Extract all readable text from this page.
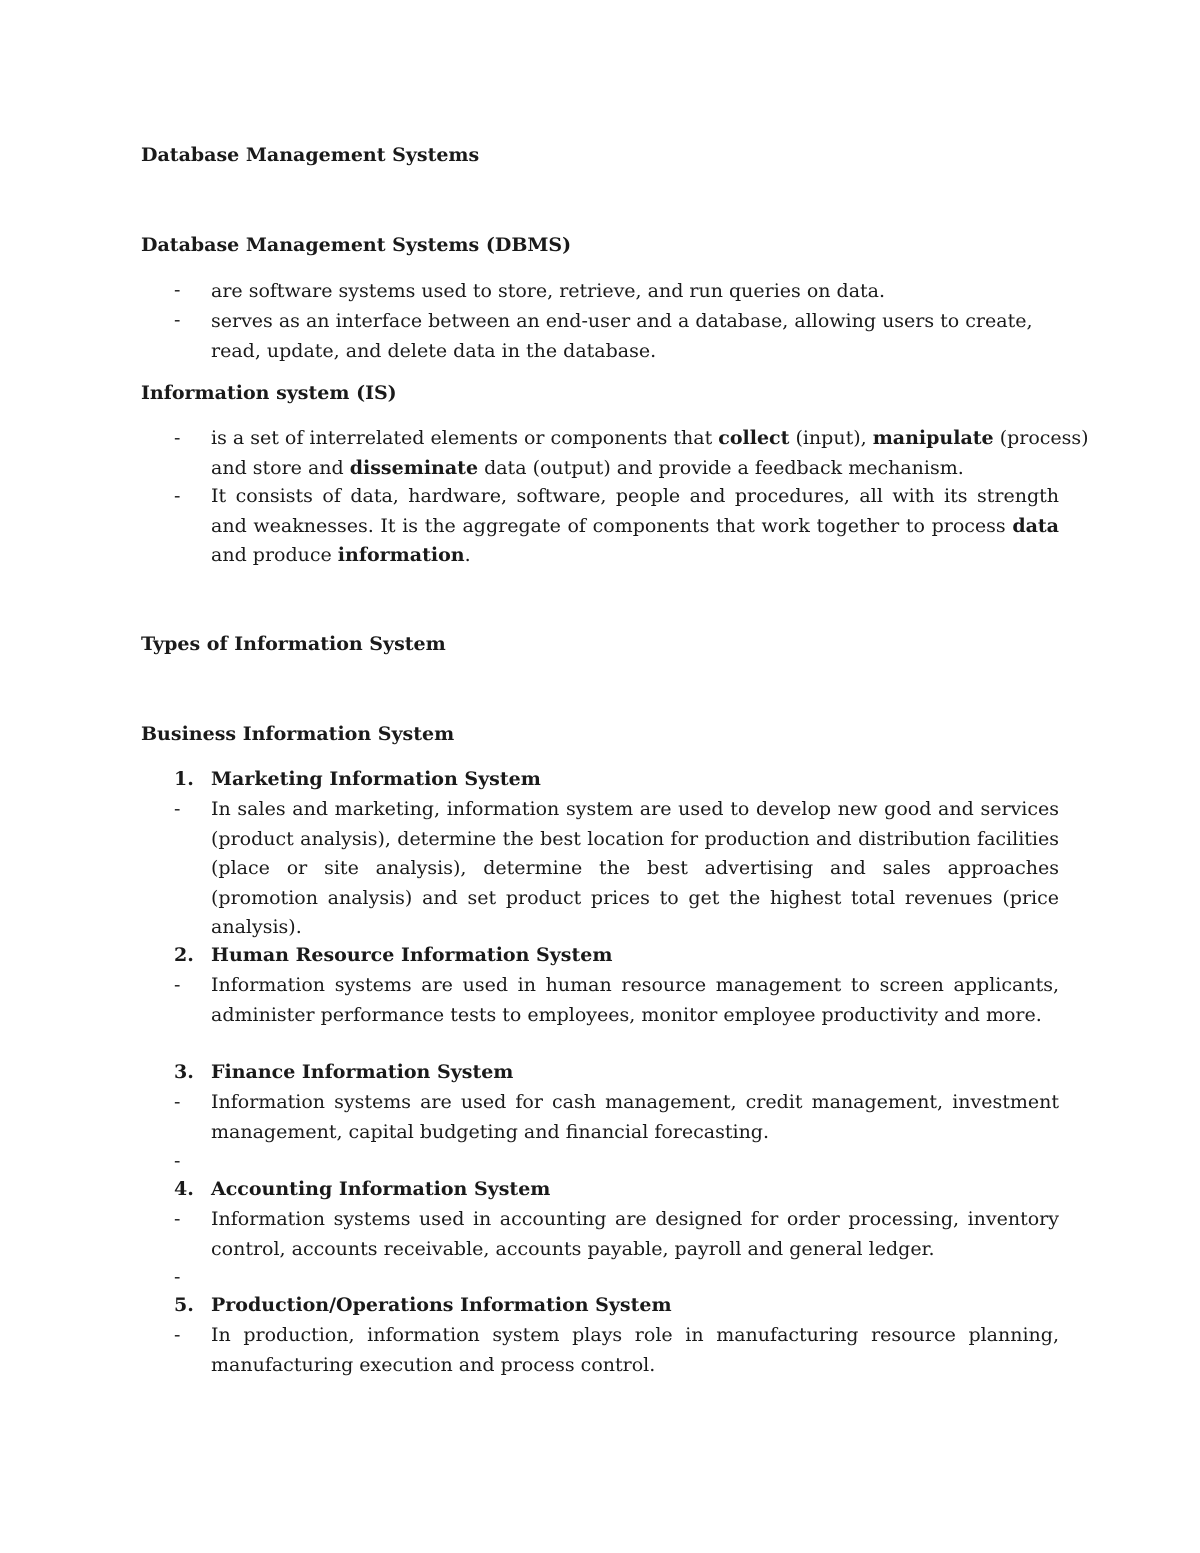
Database Management Systems
Database Management Systems (DBMS)
- are software systems used to store, retrieve, and run queries on data.
- serves as an interface between an end-user and a database, allowing users to create, read, update, and delete data in the database.
Information system (IS)
- is a set of interrelated elements or components that collect (input), manipulate (process)
and store and disseminate data (output) and provide a feedback mechanism.
- It consists of data, hardware, software, people and procedures, all with its strength and weaknesses. It is the aggregate of components that work together to process data and produce information.
Types of Information System
Business Information System
1. Marketing Information System
- In sales and marketing, information system are used to develop new good and services (product analysis), determine the best location for production and distribution facilities (place or site analysis), determine the best advertising and sales approaches (promotion analysis) and set product prices to get the highest total revenues (price analysis).
2. Human Resource Information System
- Information systems are used in human resource management to screen applicants, administer performance tests to employees, monitor employee productivity and more.
3. Finance Information System
- Information systems are used for cash management, credit management, investment management, capital budgeting and financial forecasting.
-
4. Accounting Information System
- Information systems used in accounting are designed for order processing, inventory control, accounts receivable, accounts payable, payroll and general ledger.
-
5. Production/Operations Information System
- In production, information system plays role in manufacturing resource planning, manufacturing execution and process control.
